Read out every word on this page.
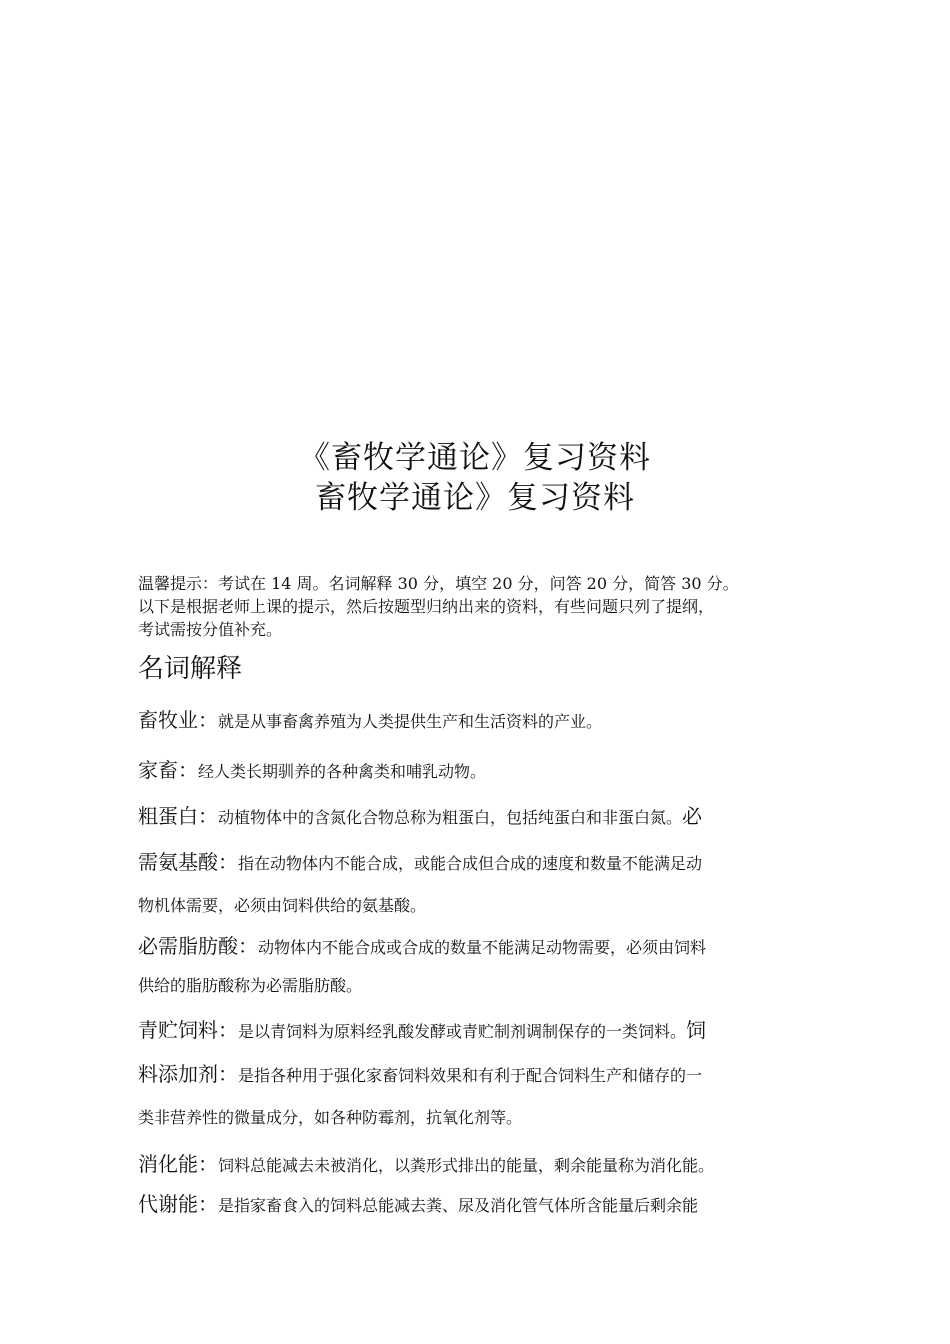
《畜牧学通论》复习资料
畜牧学通论》复习资料
温馨提示：考试在 14 周。名词解释 30 分，填空 20 分，问答 20 分，简答 30 分。
以下是根据老师上课的提示，然后按题型归纳出来的资料，有些问题只列了提纲，
考试需按分值补充。
名词解释
畜牧业：就是从事畜禽养殖为人类提供生产和生活资料的产业。
家畜：经人类长期驯养的各种禽类和哺乳动物。
粗蛋白：动植物体中的含氮化合物总称为粗蛋白，包括纯蛋白和非蛋白氮。必
需氨基酸：指在动物体内不能合成，或能合成但合成的速度和数量不能满足动
物机体需要，必须由饲料供给的氨基酸。
必需脂肪酸：动物体内不能合成或合成的数量不能满足动物需要，必须由饲料
供给的脂肪酸称为必需脂肪酸。
青贮饲料：是以青饲料为原料经乳酸发酵或青贮制剂调制保存的一类饲料。饲
料添加剂：是指各种用于强化家畜饲料效果和有利于配合饲料生产和储存的一
类非营养性的微量成分，如各种防霉剂，抗氧化剂等。
消化能：饲料总能减去未被消化，以粪形式排出的能量，剩余能量称为消化能。
代谢能：是指家畜食入的饲料总能减去粪、尿及消化管气体所含能量后剩余能
